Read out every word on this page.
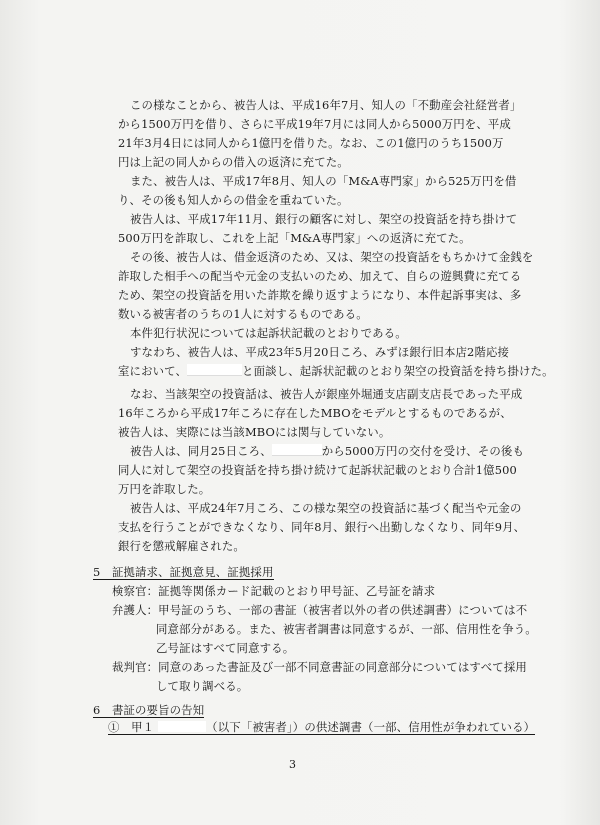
この様なことから、被告人は、平成16年7月、知人の「不動産会社経営者」
から1500万円を借り、さらに平成19年7月には同人から5000万円を、平成
21年3月4日には同人から1億円を借りた。なお、この1億円のうち1500万
円は上記の同人からの借入の返済に充てた。
また、被告人は、平成17年8月、知人の「M&A専門家」から525万円を借
り、その後も知人からの借金を重ねていた。
被告人は、平成17年11月、銀行の顧客に対し、架空の投資話を持ち掛けて
500万円を詐取し、これを上記「M&A専門家」への返済に充てた。
その後、被告人は、借金返済のため、又は、架空の投資話をもちかけて金銭を
詐取した相手への配当や元金の支払いのため、加えて、自らの遊興費に充てる
ため、架空の投資話を用いた詐欺を繰り返すようになり、本件起訴事実は、多
数いる被害者のうちの1人に対するものである。
本件犯行状況については起訴状記載のとおりである。
すなわち、被告人は、平成23年5月20日ころ、みずほ銀行旧本店2階応接
室において、	と面談し、起訴状記載のとおり架空の投資話を持ち掛けた。
なお、当該架空の投資話は、被告人が銀座外堀通支店副支店長であった平成
16年ころから平成17年ころに存在したMBOをモデルとするものであるが、
被告人は、実際には当該MBOには関与していない。
被告人は、同月25日ころ、	から5000万円の交付を受け、その後も
同人に対して架空の投資話を持ち掛け続けて起訴状記載のとおり合計1億500
万円を詐取した。
被告人は、平成24年7月ころ、この様な架空の投資話に基づく配当や元金の
支払を行うことができなくなり、同年8月、銀行へ出勤しなくなり、同年9月、
銀行を懲戒解雇された。
5　証拠請求、証拠意見、証拠採用
検察官：証拠等関係カード記載のとおり甲号証、乙号証を請求
弁護人：甲号証のうち、一部の書証（被害者以外の者の供述調書）については不
同意部分がある。また、被害者調書は同意するが、一部、信用性を争う。
乙号証はすべて同意する。
裁判官：同意のあった書証及び一部不同意書証の同意部分についてはすべて採用
して取り調べる。
6　書証の要旨の告知
①　甲１	（以下「被害者」）の供述調書（一部、信用性が争われている）
3
